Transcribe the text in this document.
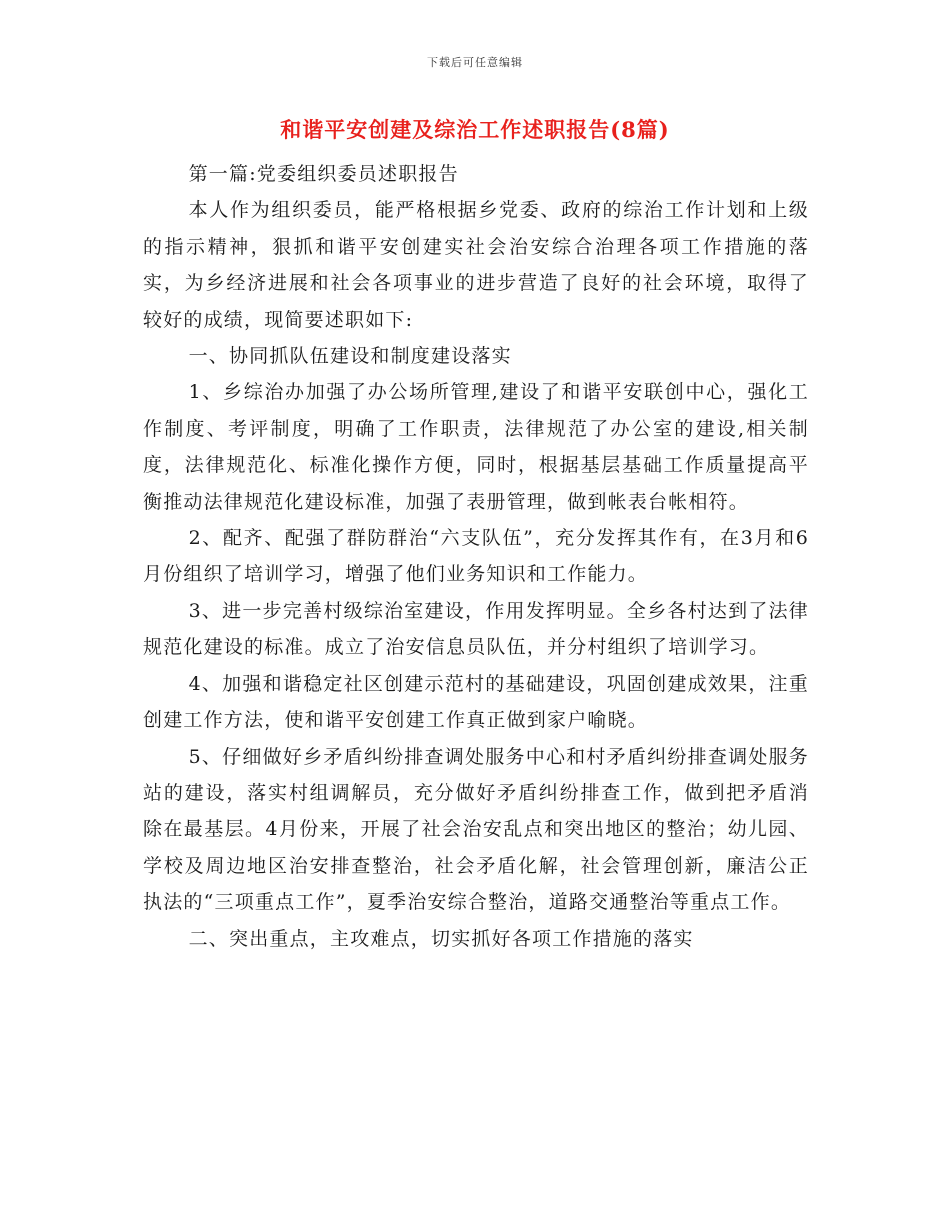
下载后可任意编辑
和谐平安创建及综治工作述职报告(8篇)

第一篇:党委组织委员述职报告

本人作为组织委员，能严格根据乡党委、政府的综治工作计划和上级的指示精神，狠抓和谐平安创建实社会治安综合治理各项工作措施的落实，为乡经济进展和社会各项事业的进步营造了良好的社会环境，取得了较好的成绩，现简要述职如下:

一、协同抓队伍建设和制度建设落实

1、乡综治办加强了办公场所管理,建设了和谐平安联创中心，强化工作制度、考评制度，明确了工作职责，法律规范了办公室的建设,相关制度，法律规范化、标准化操作方便，同时，根据基层基础工作质量提高平衡推动法律规范化建设标准，加强了表册管理，做到帐表台帐相符。

2、配齐、配强了群防群治“六支队伍”，充分发挥其作有，在3月和6月份组织了培训学习，增强了他们业务知识和工作能力。

3、进一步完善村级综治室建设，作用发挥明显。全乡各村达到了法律规范化建设的标准。成立了治安信息员队伍，并分村组织了培训学习。

4、加强和谐稳定社区创建示范村的基础建设，巩固创建成效果，注重创建工作方法，使和谐平安创建工作真正做到家户喻晓。

5、仔细做好乡矛盾纠纷排查调处服务中心和村矛盾纠纷排查调处服务站的建设，落实村组调解员，充分做好矛盾纠纷排查工作，做到把矛盾消除在最基层。4月份来，开展了社会治安乱点和突出地区的整治；幼儿园、学校及周边地区治安排查整治，社会矛盾化解，社会管理创新，廉洁公正执法的“三项重点工作”，夏季治安综合整治，道路交通整治等重点工作。

二、突出重点，主攻难点，切实抓好各项工作措施的落实
